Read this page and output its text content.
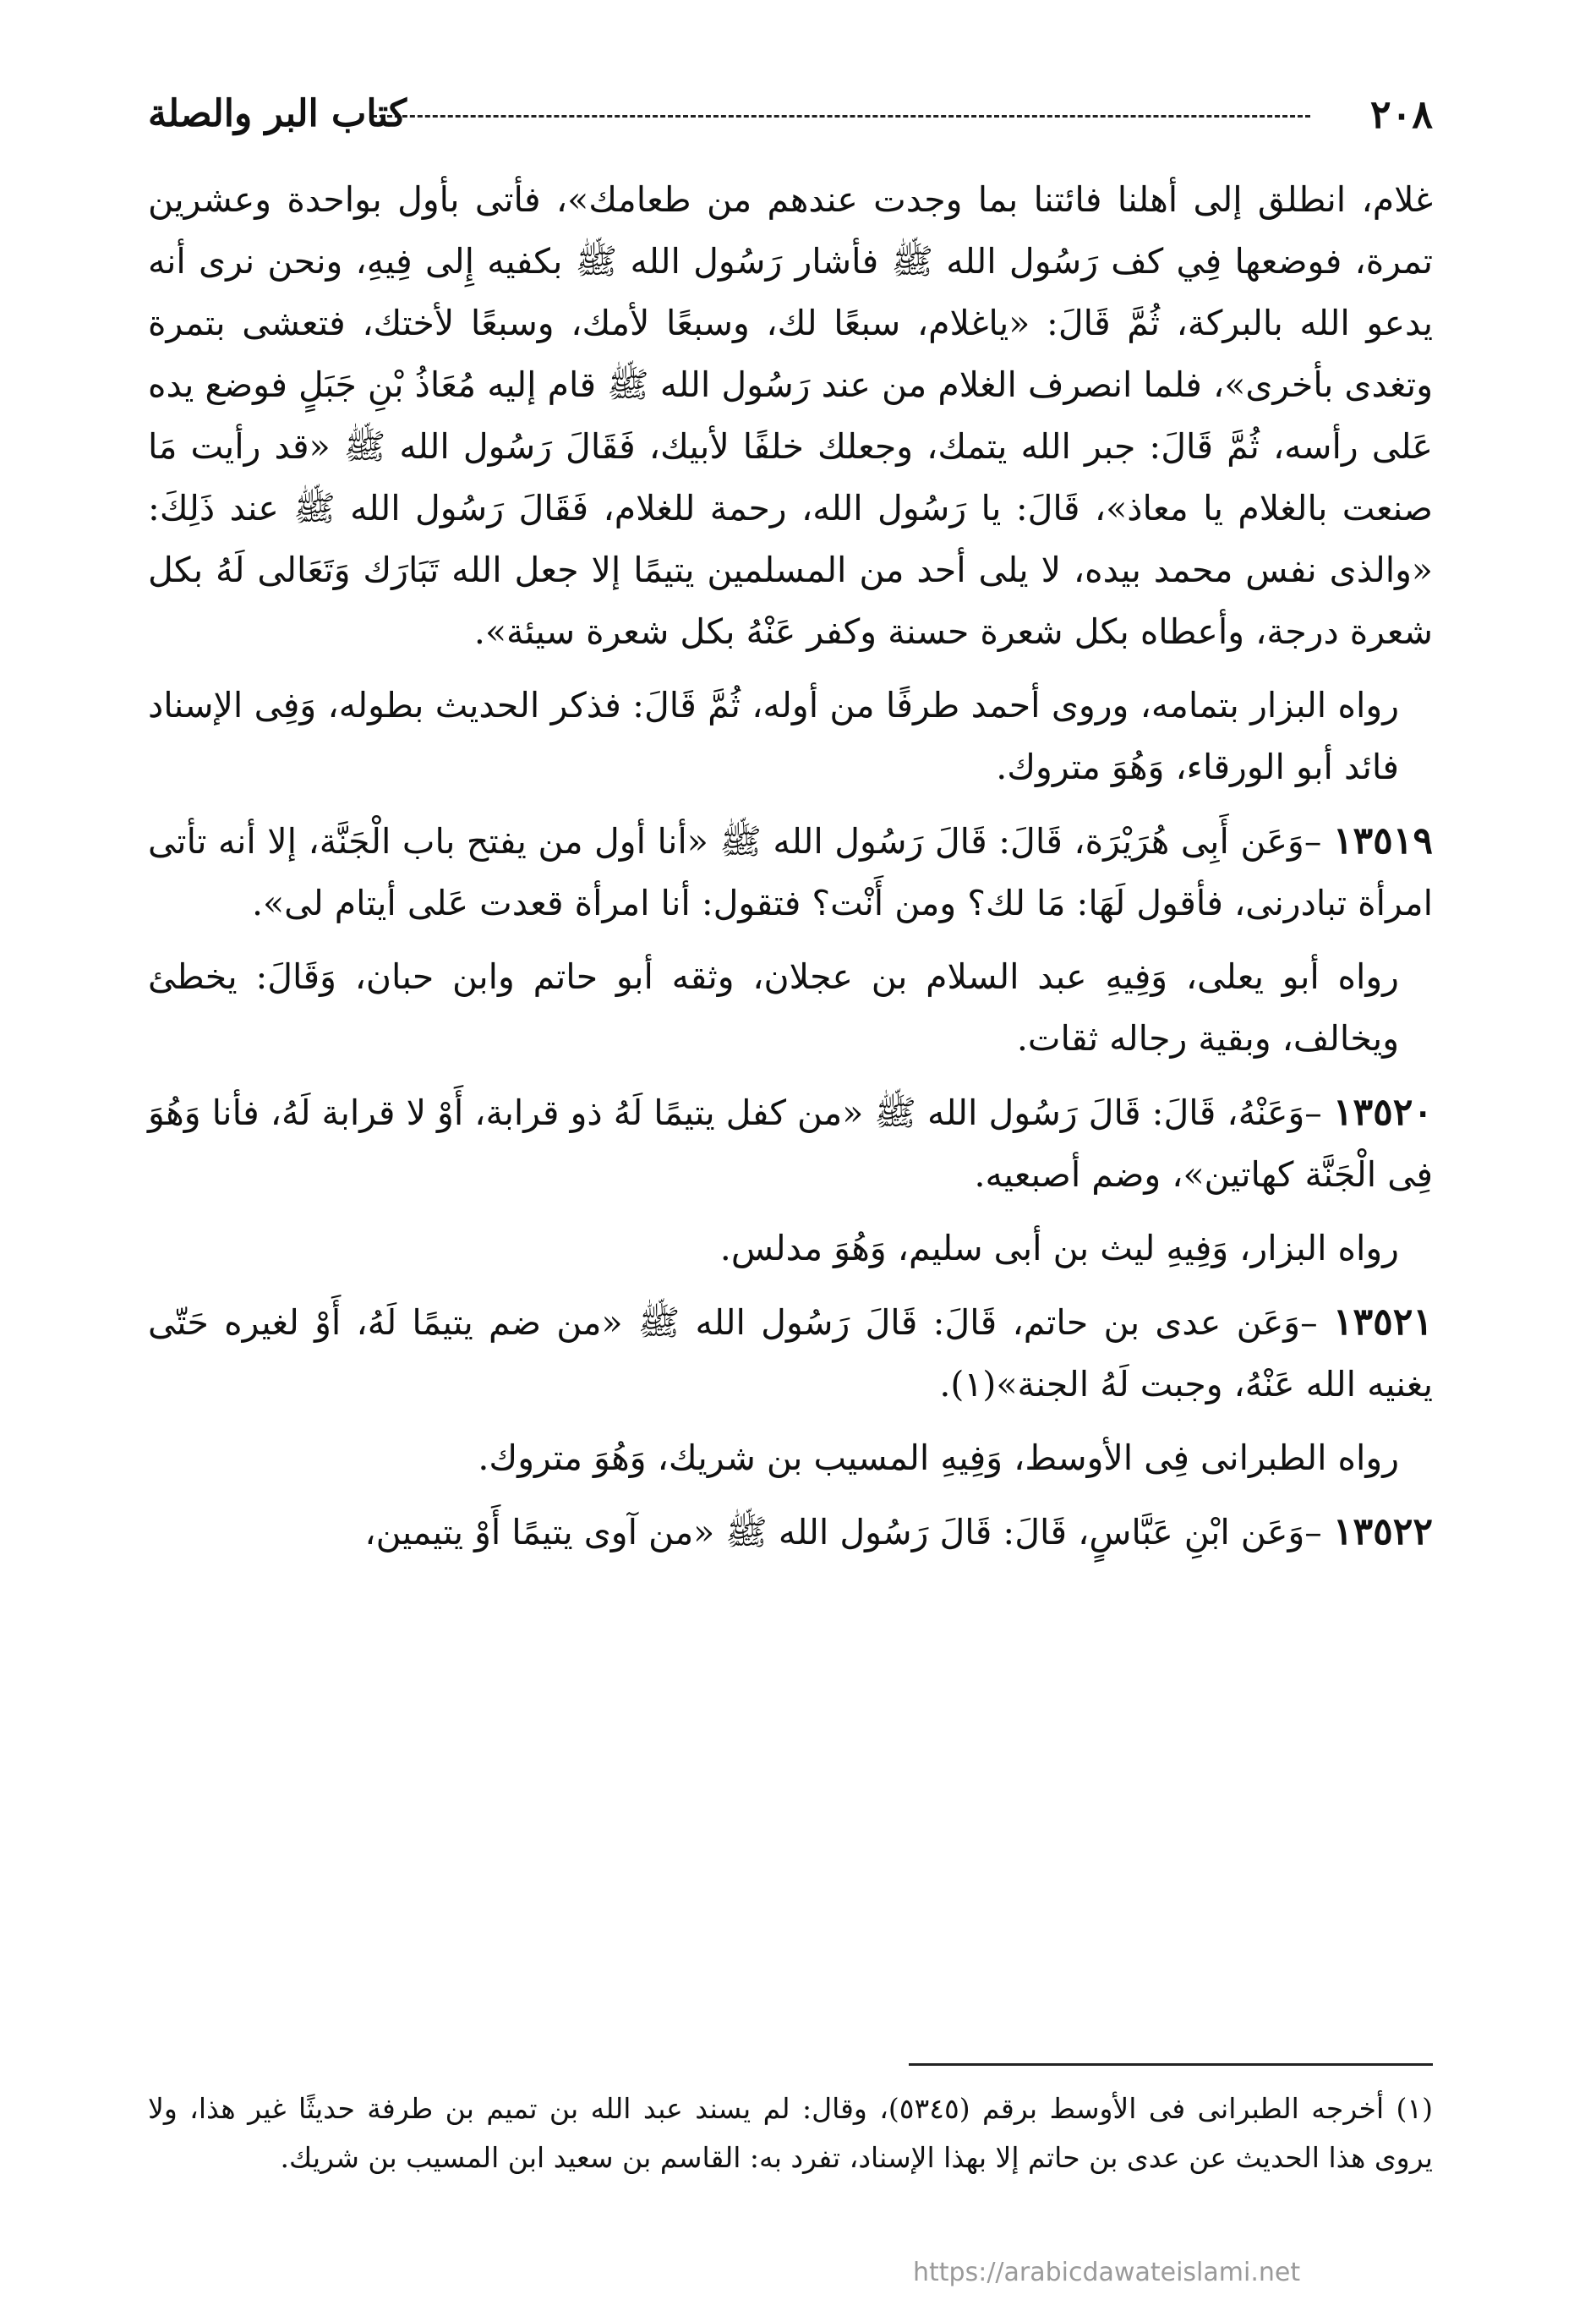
٢٠٨
كتاب البر والصلة

غلام، انطلق إلى أهلنا فائتنا بما وجدت عندهم من طعامك»، فأتى بأول بواحدة وعشرين تمرة، فوضعها فِي كف رَسُول الله ﷺ فأشار رَسُول الله ﷺ بكفيه إِلى فِيهِ، ونحن نرى أنه يدعو الله بالبركة، ثُمَّ قَالَ: «ياغلام، سبعًا لك، وسبعًا لأمك، وسبعًا لأختك، فتعشى بتمرة وتغدى بأخرى»، فلما انصرف الغلام من عند رَسُول الله ﷺ قام إليه مُعَاذُ بْنِ جَبَلٍ فوضع يده عَلى رأسه، ثُمَّ قَالَ: جبر الله يتمك، وجعلك خلفًا لأبيك، فَقَالَ رَسُول الله ﷺ «قد رأيت مَا صنعت بالغلام يا معاذ»، قَالَ: يا رَسُول الله، رحمة للغلام، فَقَالَ رَسُول الله ﷺ عند ذَلِكَ: «والذى نفس محمد بيده، لا يلى أحد من المسلمين يتيمًا إلا جعل الله تَبَارَك وَتَعَالى لَهُ بكل شعرة درجة، وأعطاه بكل شعرة حسنة وكفر عَنْهُ بكل شعرة سيئة».

رواه البزار بتمامه، وروى أحمد طرفًا من أوله، ثُمَّ قَالَ: فذكر الحديث بطوله، وَفِى الإسناد فائد أبو الورقاء، وَهُوَ متروك.

١٣٥١٩ –وَعَن أَبِى هُرَيْرَة، قَالَ: قَالَ رَسُول الله ﷺ «أنا أول من يفتح باب الْجَنَّة، إلا أنه تأتى امرأة تبادرنى، فأقول لَهَا: مَا لك؟ ومن أَنْت؟ فتقول: أنا امرأة قعدت عَلى أيتام لى».

رواه أبو يعلى، وَفِيهِ عبد السلام بن عجلان، وثقه أبو حاتم وابن حبان، وَقَالَ: يخطئ ويخالف، وبقية رجاله ثقات.

١٣٥٢٠ –وَعَنْهُ، قَالَ: قَالَ رَسُول الله ﷺ «من كفل يتيمًا لَهُ ذو قرابة، أَوْ لا قرابة لَهُ، فأنا وَهُوَ فِى الْجَنَّة كهاتين»، وضم أصبعيه.

رواه البزار، وَفِيهِ ليث بن أبى سليم، وَهُوَ مدلس.

١٣٥٢١ –وَعَن عدى بن حاتم، قَالَ: قَالَ رَسُول الله ﷺ «من ضم يتيمًا لَهُ، أَوْ لغيره حَتّى يغنيه الله عَنْهُ، وجبت لَهُ الجنة»(١).

رواه الطبرانى فِى الأوسط، وَفِيهِ المسيب بن شريك، وَهُوَ متروك.

١٣٥٢٢ –وَعَن ابْنِ عَبَّاسٍ، قَالَ: قَالَ رَسُول الله ﷺ «من آوى يتيمًا أَوْ يتيمين،

(١) أخرجه الطبرانى فى الأوسط برقم (٥٣٤٥)، وقال: لم يسند عبد الله بن تميم بن طرفة حديثًا غير هذا، ولا يروى هذا الحديث عن عدى بن حاتم إلا بهذا الإسناد، تفرد به: القاسم بن سعيد ابن المسيب بن شريك.

https://arabicdawateislami.net
